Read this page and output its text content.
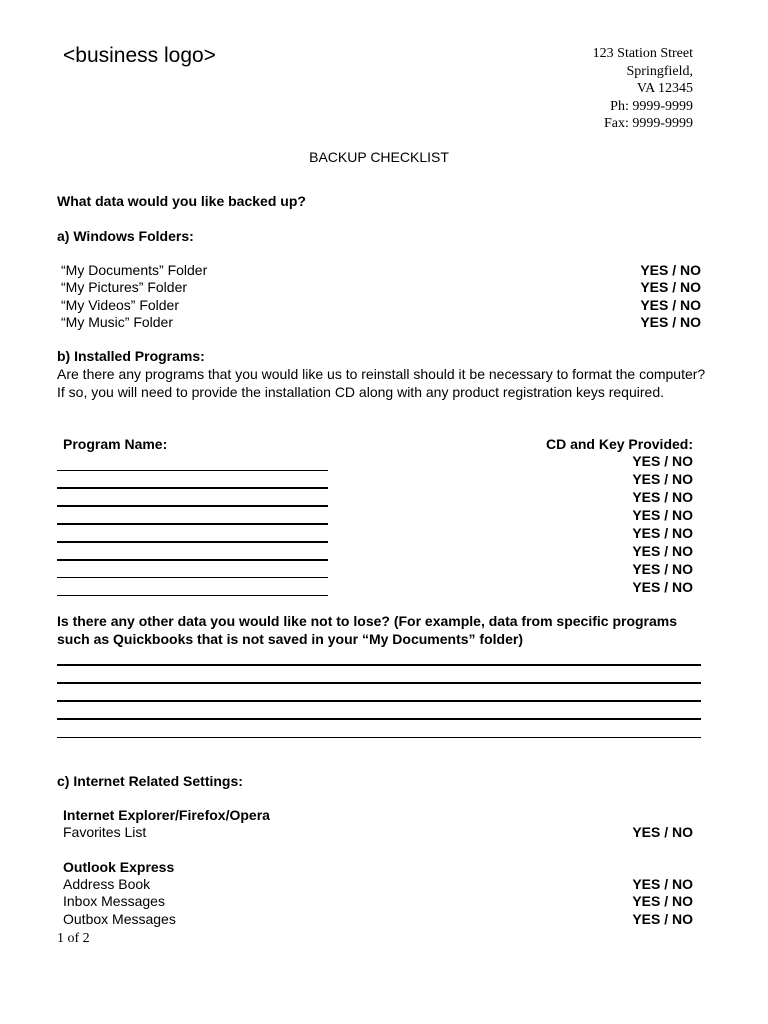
<business logo>	123 Station Street
Springfield,
VA 12345
Ph: 9999-9999
Fax: 9999-9999
BACKUP CHECKLIST
What data would you like backed up?
a) Windows Folders:
“My Documents” Folder	YES / NO
“My Pictures” Folder	YES / NO
“My Videos” Folder	YES / NO
“My Music” Folder	YES / NO
b) Installed Programs:
Are there any programs that you would like us to reinstall should it be necessary to format the computer? If so, you will need to provide the installation CD along with any product registration keys required.
Program Name:	CD and Key Provided:
YES / NO
YES / NO
YES / NO
YES / NO
YES / NO
YES / NO
YES / NO
YES / NO
Is there any other data you would like not to lose? (For example, data from specific programs such as Quickbooks that is not saved in your “My Documents” folder)
c) Internet Related Settings:
Internet Explorer/Firefox/Opera
Favorites List	YES / NO
Outlook Express
Address Book	YES / NO
Inbox Messages	YES / NO
Outbox Messages	YES / NO
1 of 2
